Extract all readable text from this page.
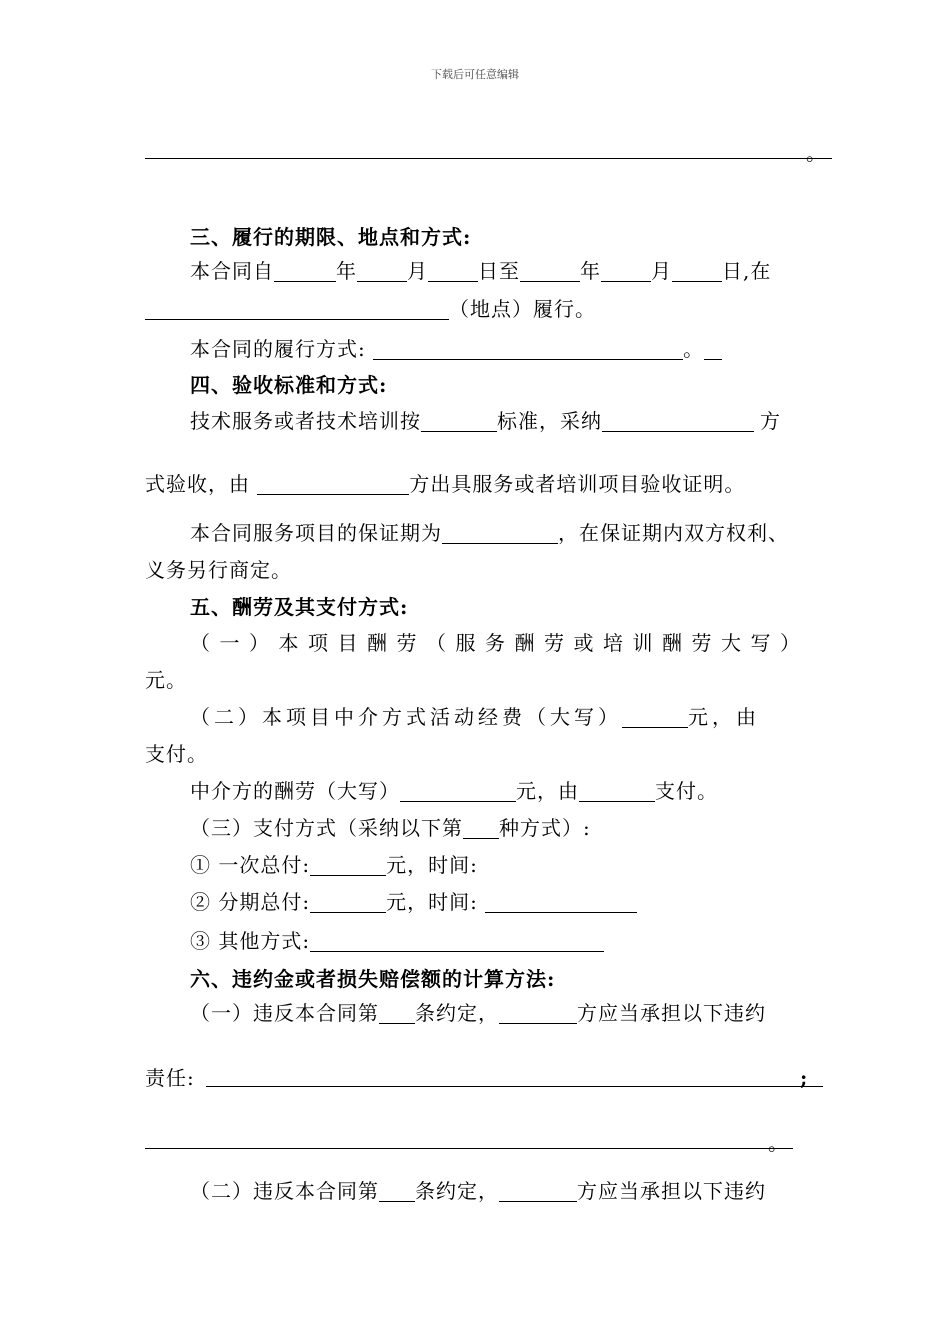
下载后可任意编辑
。
三、履行的期限、地点和方式:
本合同自	年	月	日至	年	月	日,在
（地点）履行。
本合同的履行方式:	。
四、验收标准和方式:
技术服务或者技术培训按	标准，采纳	方
式验收，由	方出具服务或者培训项目验收证明。
本合同服务项目的保证期为	，在保证期内双方权利、
义务另行商定。
五、酬劳及其支付方式:
（一）本项目酬劳（服务酬劳或培训酬劳大写）
元。
（二）本项目中介方式活动经费（大写）	元，由
支付。
中介方的酬劳（大写）	元，由	支付。
（三）支付方式（采纳以下第 种方式）:
① 一次总付:	元，时间:
② 分期总付:	元，时间:
③ 其他方式:
六、违约金或者损失赔偿额的计算方法:
（一）违反本合同第 条约定，	方应当承担以下违约
责任:	;
。
（二）违反本合同第 条约定，	方应当承担以下违约
